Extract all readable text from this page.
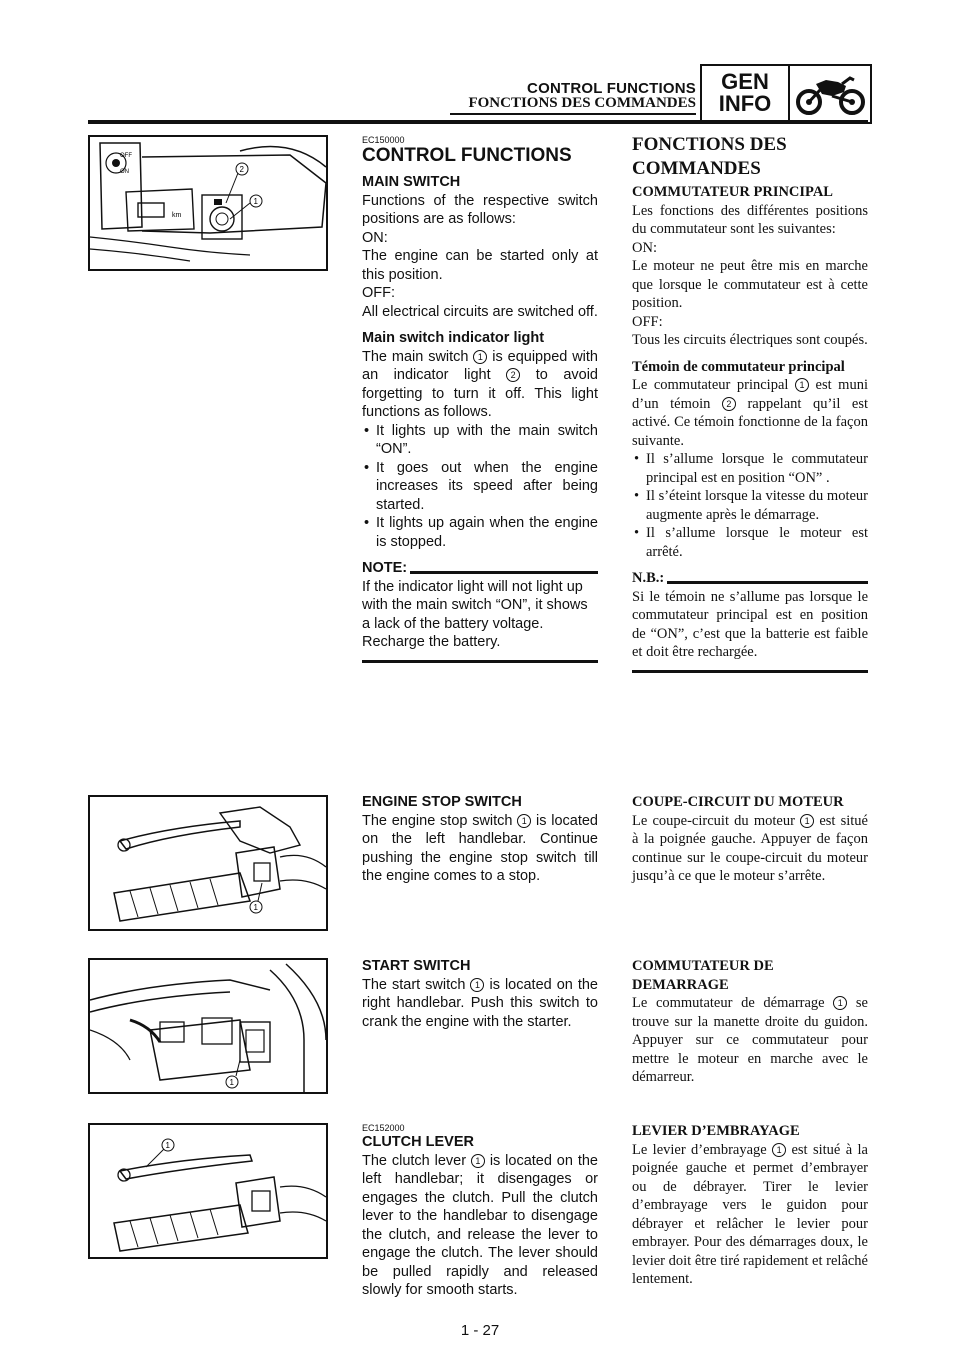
CONTROL FUNCTIONS
FONCTIONS DES COMMANDES
GEN
INFO
OFF
ON
km
2
1
EC150000
CONTROL FUNCTIONS

MAIN SWITCH

Functions of the respective switch positions are as follows:

ON:

The engine can be started only at this position.

OFF:

All electrical circuits are switched off.

Main switch indicator light

The main switch 1 is equipped with an indicator light 2 to avoid forgetting to turn it off. This light functions as follows.

• It lights up with the main switch “ON”.
• It goes out when the engine increases its speed after being started.
• It lights up again when the engine is stopped.
NOTE:

If the indicator light will not light up with the main switch “ON”, it shows a lack of the battery voltage. Recharge the battery.

FONCTIONS DES COMMANDES

COMMUTATEUR PRINCIPAL

Les fonctions des différentes positions du commutateur sont les suivantes:

ON:

Le moteur ne peut être mis en marche que lorsque le commutateur est à cette position.

OFF:

Tous les circuits électriques sont coupés.

Témoin de commutateur principal

Le commutateur principal 1 est muni d’un témoin 2 rappelant qu’il est activé. Ce témoin fonctionne de la façon suivante.

• Il s’allume lorsque le commutateur principal est en position “ON” .
• Il s’éteint lorsque la vitesse du moteur augmente après le démarrage.
• Il s’allume lorsque le moteur est arrêté.
N.B.:

Si le témoin ne s’allume pas lorsque le commutateur principal est en position de “ON”, c’est que la batterie est faible et doit être rechargée.

1

ENGINE STOP SWITCH

The engine stop switch 1 is located on the left handlebar. Continue pushing the engine stop switch till the engine comes to a stop.

COUPE-CIRCUIT DU MOTEUR

Le coupe-circuit du moteur 1 est situé à la poignée gauche. Appuyer de façon continue sur le coupe-circuit du moteur jusqu’à ce que le moteur s’arrête.

1

START SWITCH

The start switch 1 is located on the right handlebar. Push this switch to crank the engine with the starter.

COMMUTATEUR DE

DEMARRAGE

Le commutateur de démarrage 1 se trouve sur la manette droite du guidon. Appuyer sur ce commutateur pour mettre le moteur en marche avec le démarreur.

1
EC152000

CLUTCH LEVER

The clutch lever 1 is located on the left handlebar; it disengages or engages the clutch. Pull the clutch lever to the handlebar to disengage the clutch, and release the lever to engage the clutch. The lever should be pulled rapidly and released slowly for smooth starts.

LEVIER D’EMBRAYAGE

Le levier d’embrayage 1 est situé à la poignée gauche et permet d’embrayer ou de débrayer. Tirer le levier d’embrayage vers le guidon pour débrayer et relâcher le levier pour embrayer. Pour des démarrages doux, le levier doit être tiré rapidement et relâché lentement.

1 - 27
